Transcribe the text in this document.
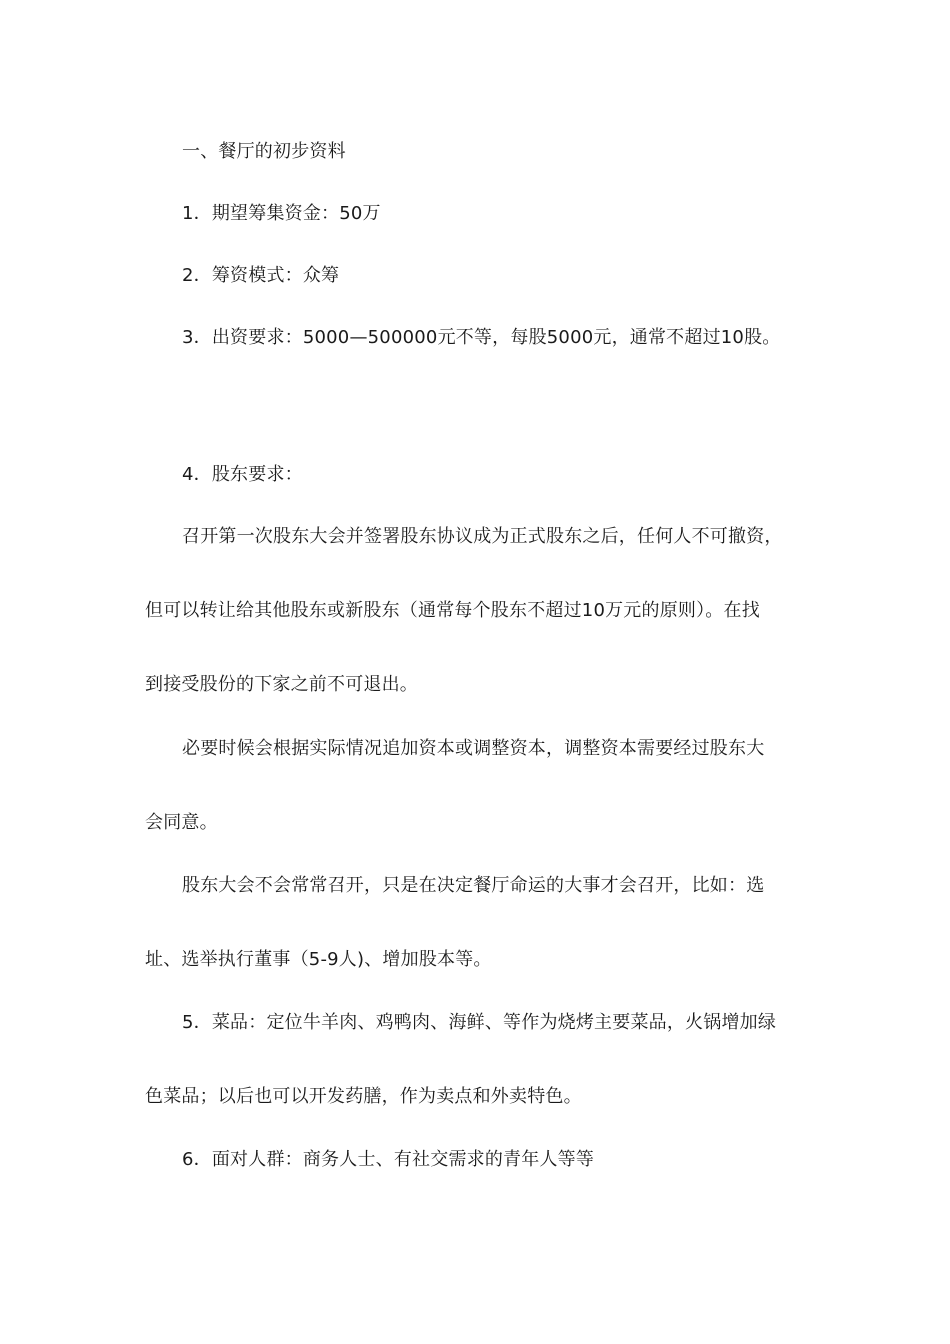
一、餐厅的初步资料
1．期望筹集资金：50万
2．筹资模式：众筹
3．出资要求：5000—500000元不等，每股5000元，通常不超过10股。
4．股东要求：
召开第一次股东大会并签署股东协议成为正式股东之后，任何人不可撤资，
但可以转让给其他股东或新股东（通常每个股东不超过10万元的原则）。在找
到接受股份的下家之前不可退出。
必要时候会根据实际情况追加资本或调整资本，调整资本需要经过股东大
会同意。
股东大会不会常常召开，只是在决定餐厅命运的大事才会召开，比如：选
址、选举执行董事（5-9人)、增加股本等。
5．菜品：定位牛羊肉、鸡鸭肉、海鲜、等作为烧烤主要菜品，火锅增加绿
色菜品；以后也可以开发药膳，作为卖点和外卖特色。
6．面对人群：商务人士、有社交需求的青年人等等
